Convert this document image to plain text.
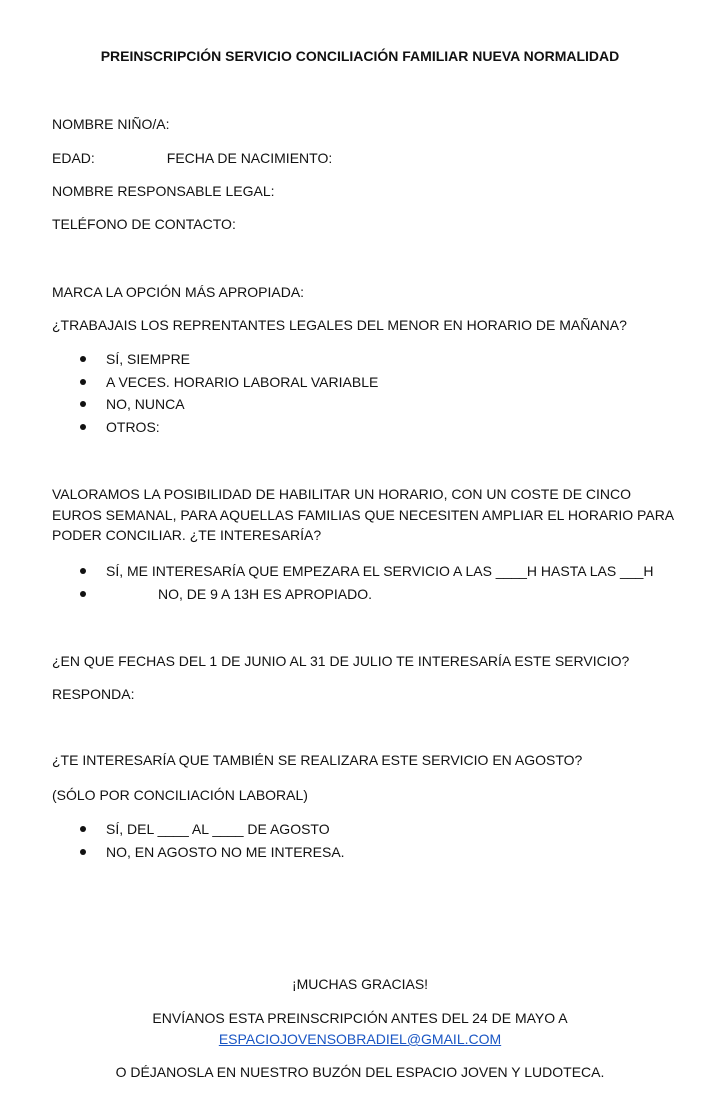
PREINSCRIPCIÓN SERVICIO CONCILIACIÓN FAMILIAR NUEVA NORMALIDAD
NOMBRE NIÑO/A:
EDAD:	FECHA DE NACIMIENTO:
NOMBRE RESPONSABLE LEGAL:
TELÉFONO DE CONTACTO:
MARCA LA OPCIÓN MÁS APROPIADA:
¿TRABAJAIS LOS REPRENTANTES LEGALES DEL MENOR EN HORARIO DE MAÑANA?
SÍ, SIEMPRE
A VECES. HORARIO LABORAL VARIABLE
NO, NUNCA
OTROS:
VALORAMOS LA POSIBILIDAD DE HABILITAR UN HORARIO, CON UN COSTE DE CINCO EUROS SEMANAL, PARA AQUELLAS FAMILIAS QUE NECESITEN AMPLIAR EL HORARIO PARA PODER CONCILIAR. ¿TE INTERESARÍA?
SÍ, ME INTERESARÍA QUE EMPEZARA EL SERVICIO A LAS ____H HASTA LAS ___H
NO, DE 9 A 13H ES APROPIADO.
¿EN QUE FECHAS DEL 1 DE JUNIO AL 31 DE JULIO TE INTERESARÍA ESTE SERVICIO?
RESPONDA:
¿TE INTERESARÍA QUE TAMBIÉN SE REALIZARA ESTE SERVICIO EN AGOSTO?
(SÓLO POR CONCILIACIÓN LABORAL)
SÍ, DEL ____ AL ____ DE AGOSTO
NO, EN AGOSTO NO ME INTERESA.
¡MUCHAS GRACIAS!
ENVÍANOS ESTA PREINSCRIPCIÓN ANTES DEL 24 DE MAYO A
ESPACIOJOVENSOBRADIEL@GMAIL.COM
O DÉJANOSLA EN NUESTRO BUZÓN DEL ESPACIO JOVEN Y LUDOTECA.
